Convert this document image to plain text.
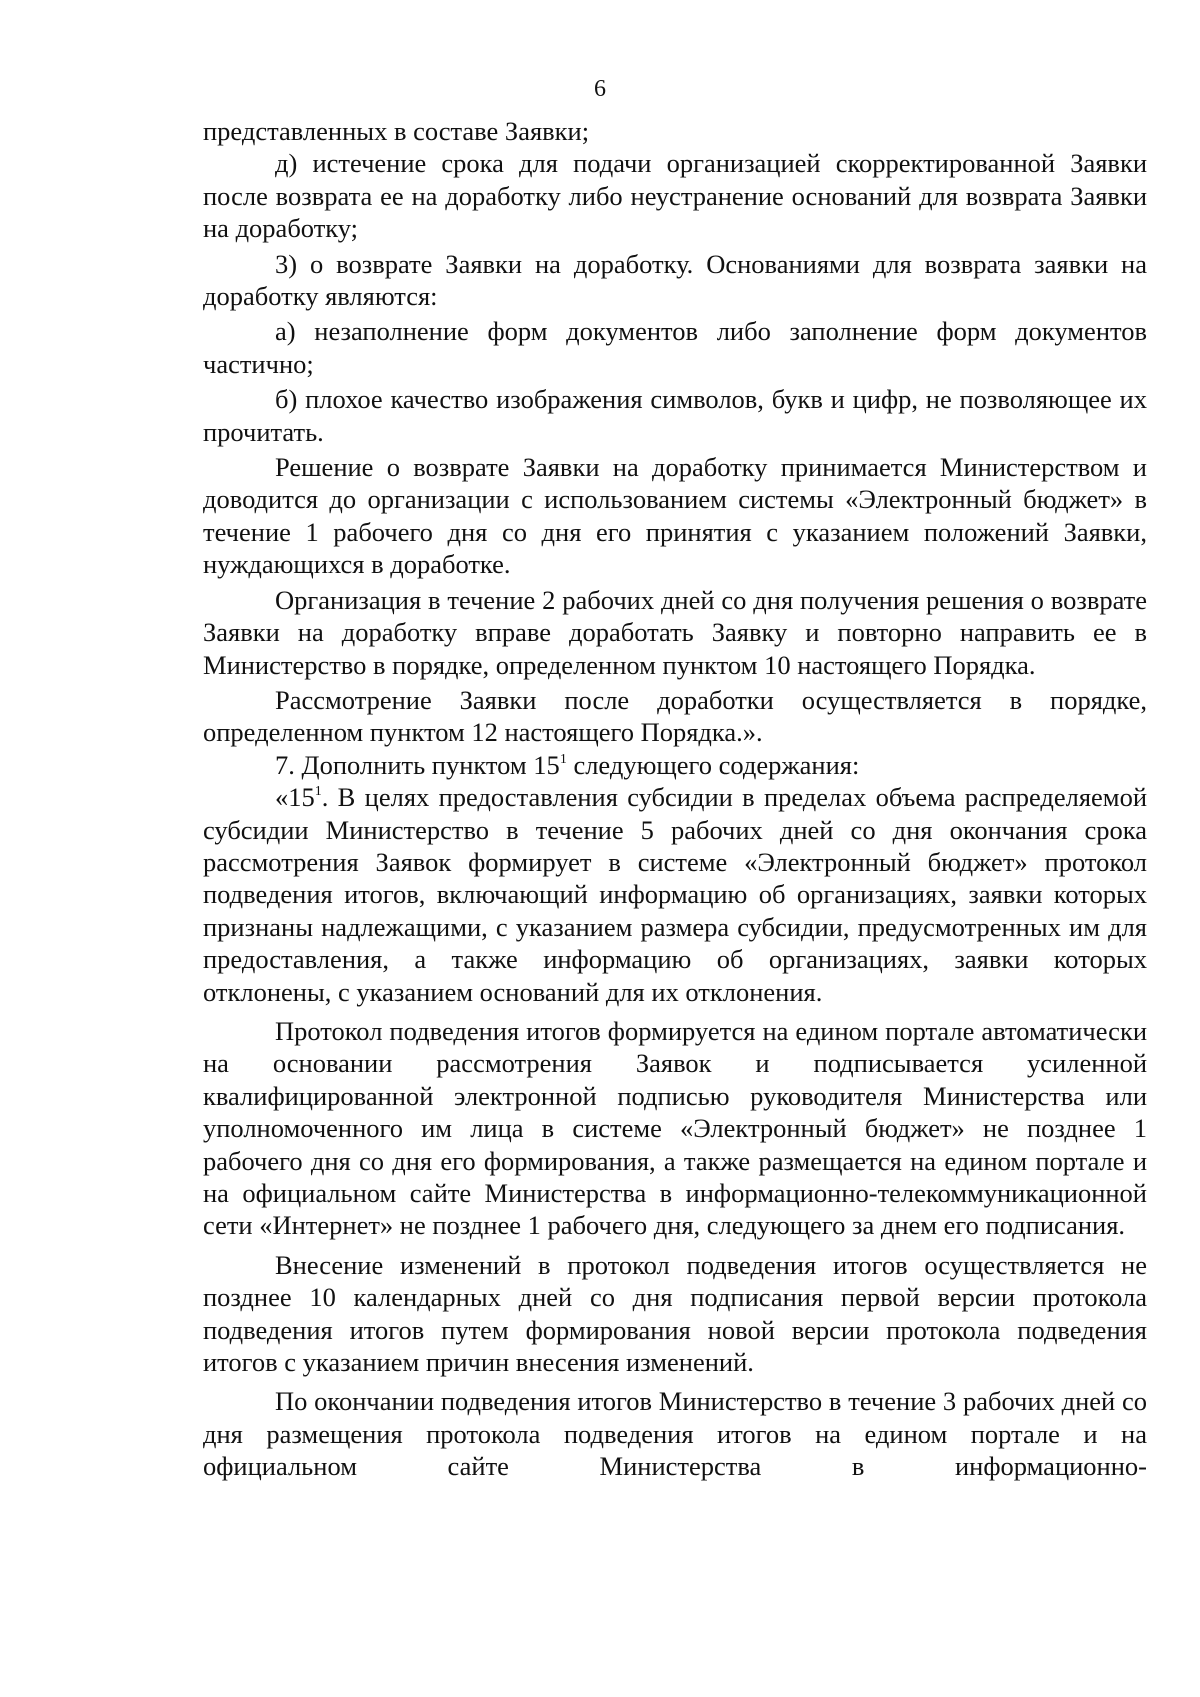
6

представленных в составе Заявки;

д) истечение срока для подачи организацией скорректированной Заявки после возврата ее на доработку либо неустранение оснований для возврата Заявки на доработку;

3) о возврате Заявки на доработку. Основаниями для возврата заявки на доработку являются:

а) незаполнение форм документов либо заполнение форм документов частично;

б) плохое качество изображения символов, букв и цифр, не позволяющее их прочитать.

Решение о возврате Заявки на доработку принимается Министерством и доводится до организации с использованием системы «Электронный бюджет» в течение 1 рабочего дня со дня его принятия с указанием положений Заявки, нуждающихся в доработке.

Организация в течение 2 рабочих дней со дня получения решения о возврате Заявки на доработку вправе доработать Заявку и повторно направить ее в Министерство в порядке, определенном пунктом 10 настоящего Порядка.

Рассмотрение Заявки после доработки осуществляется в порядке, определенном пунктом 12 настоящего Порядка.».

7. Дополнить пунктом $15^1$ следующего содержания:

«$15^1$. В целях предоставления субсидии в пределах объема распределяемой субсидии Министерство в течение 5 рабочих дней со дня окончания срока рассмотрения Заявок формирует в системе «Электронный бюджет» протокол подведения итогов, включающий информацию об организациях, заявки которых признаны надлежащими, с указанием размера субсидии, предусмотренных им для предоставления, а также информацию об организациях, заявки которых отклонены, с указанием оснований для их отклонения.

Протокол подведения итогов формируется на едином портале автоматически на основании рассмотрения Заявок и подписывается усиленной квалифицированной электронной подписью руководителя Министерства или уполномоченного им лица в системе «Электронный бюджет» не позднее 1 рабочего дня со дня его формирования, а также размещается на едином портале и на официальном сайте Министерства в информационно-телекоммуникационной сети «Интернет» не позднее 1 рабочего дня, следующего за днем его подписания.

Внесение изменений в протокол подведения итогов осуществляется не позднее 10 календарных дней со дня подписания первой версии протокола подведения итогов путем формирования новой версии протокола подведения итогов с указанием причин внесения изменений.

По окончании подведения итогов Министерство в течение 3 рабочих дней со дня размещения протокола подведения итогов на едином портале и на официальном сайте Министерства в информационно-
